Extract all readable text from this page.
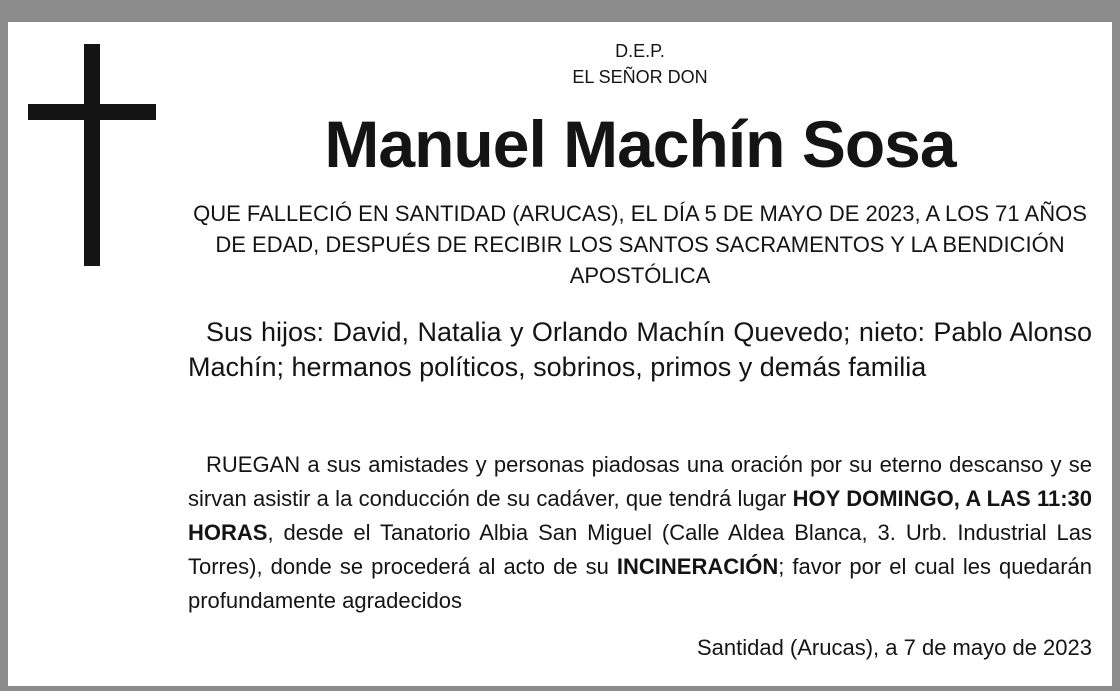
D.E.P.
EL SEÑOR DON
Manuel Machín Sosa
QUE FALLECIÓ EN SANTIDAD (ARUCAS), EL DÍA 5 DE MAYO DE 2023, A LOS 71 AÑOS DE EDAD, DESPUÉS DE RECIBIR LOS SANTOS SACRAMENTOS Y LA BENDICIÓN APOSTÓLICA
Sus hijos: David, Natalia y Orlando Machín Quevedo; nieto: Pablo Alonso Machín; hermanos políticos, sobrinos, primos y demás familia
RUEGAN a sus amistades y personas piadosas una oración por su eterno descanso y se sirvan asistir a la conducción de su cadáver, que tendrá lugar HOY DOMINGO, A LAS 11:30 HORAS, desde el Tanatorio Albia San Miguel (Calle Aldea Blanca, 3. Urb. Industrial Las Torres), donde se procederá al acto de su INCINERACIÓN; favor por el cual les quedarán profundamente agradecidos
Santidad (Arucas), a 7 de mayo de 2023
